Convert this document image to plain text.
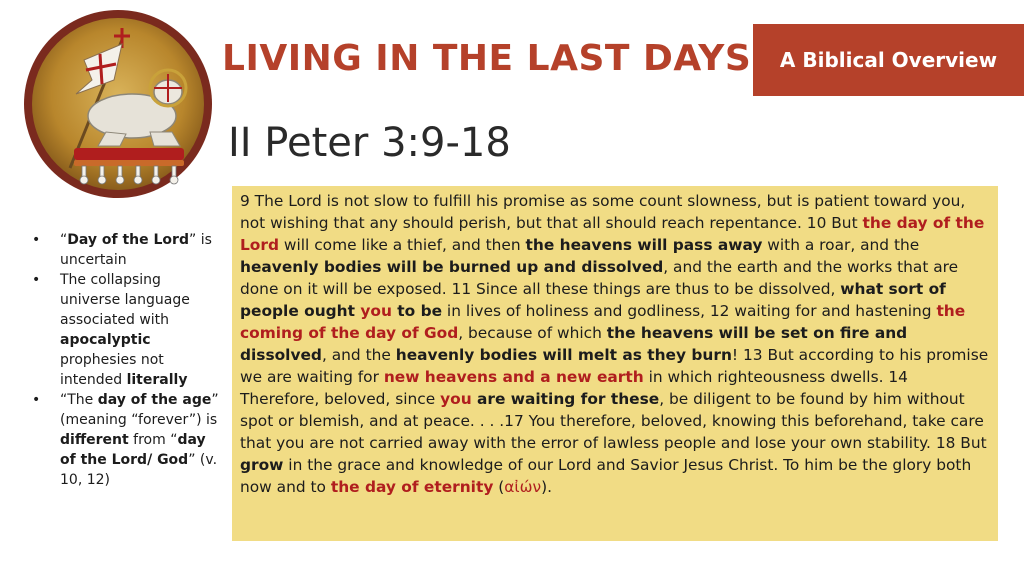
LIVING IN THE LAST DAYS	A Biblical Overview
II Peter 3:9-18
• “Day of the Lord” is uncertain
• The collapsing universe language associated with apocalyptic prophesies not intended literally
• “The day of the age” (meaning “forever”) is different from “day of the Lord/ God” (v. 10, 12)
9 The Lord is not slow to fulfill his promise as some count slowness, but is patient toward you, not wishing that any should perish, but that all should reach repentance. 10 But the day of the Lord will come like a thief, and then the heavens will pass away with a roar, and the heavenly bodies will be burned up and dissolved, and the earth and the works that are done on it will be exposed. 11 Since all these things are thus to be dissolved, what sort of people ought you to be in lives of holiness and godliness, 12 waiting for and hastening the coming of the day of God, because of which the heavens will be set on fire and dissolved, and the heavenly bodies will melt as they burn! 13 But according to his promise we are waiting for new heavens and a new earth in which righteousness dwells. 14 Therefore, beloved, since you are waiting for these, be diligent to be found by him without spot or blemish, and at peace. . . .17 You therefore, beloved, knowing this beforehand, take care that you are not carried away with the error of lawless people and lose your own stability. 18 But grow in the grace and knowledge of our Lord and Savior Jesus Christ. To him be the glory both now and to the day of eternity (αἰών).
